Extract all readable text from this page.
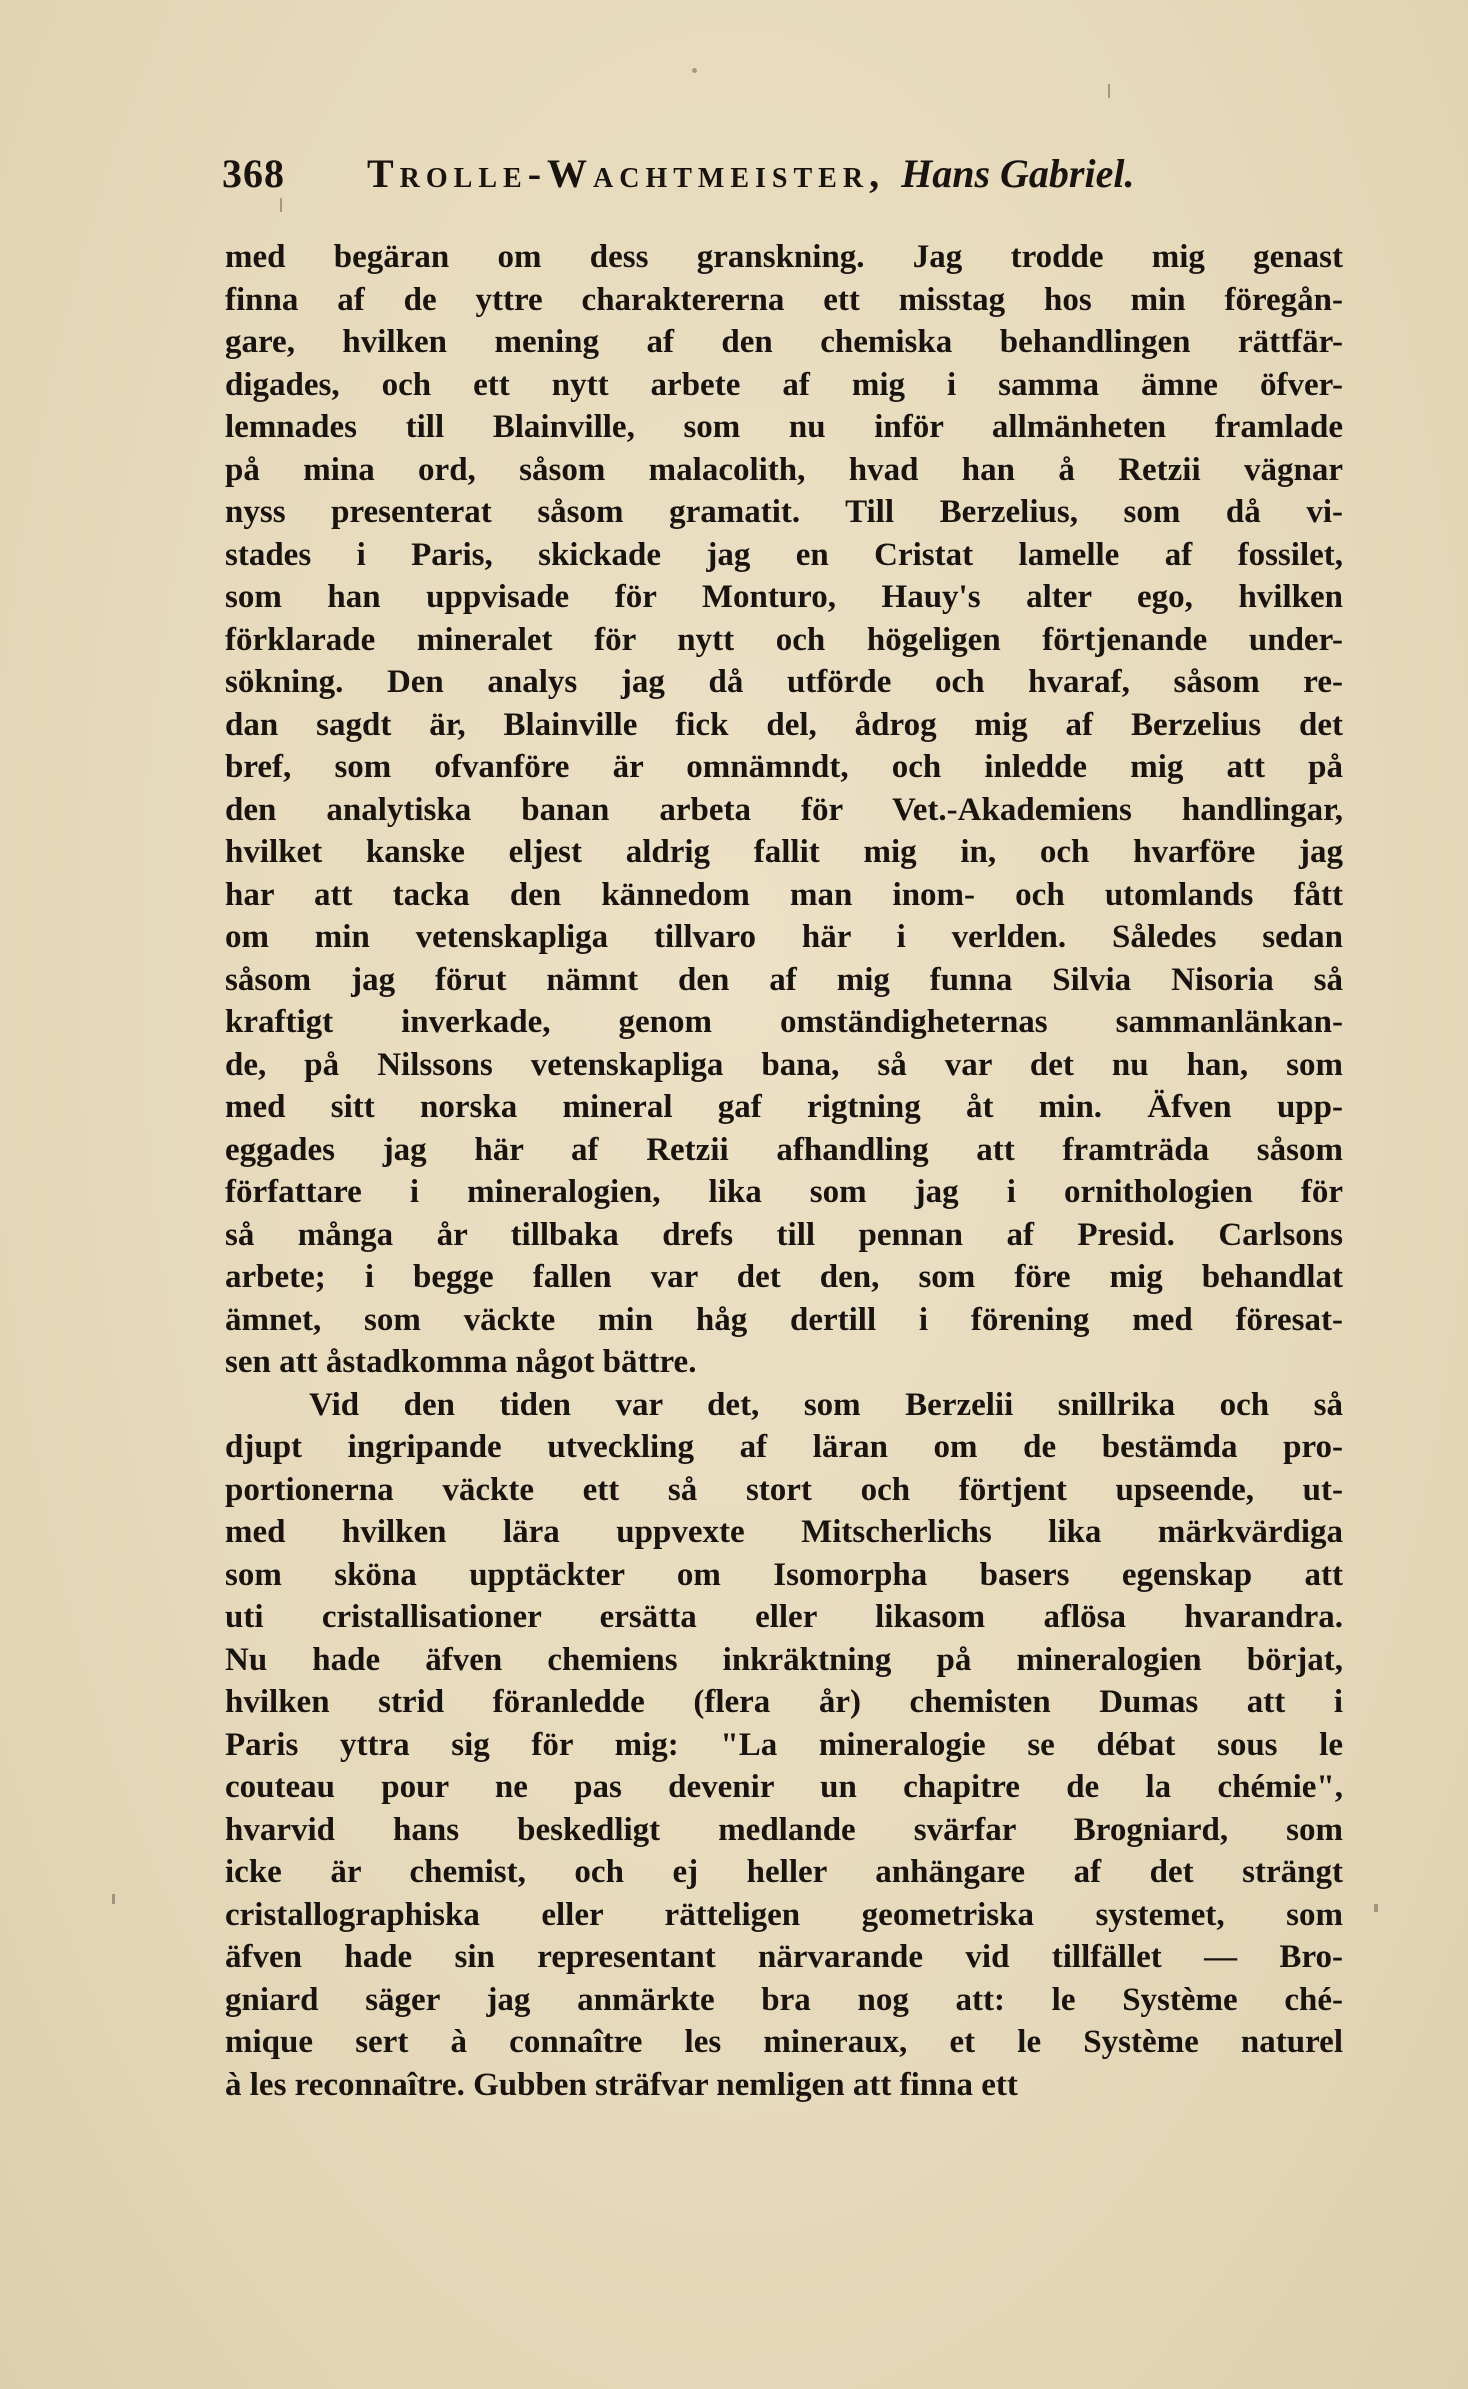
368 Trolle-Wachtmeister, Hans Gabriel.
med begäran om dess granskning. Jag trodde mig genast
finna af de yttre charaktererna ett misstag hos min föregån-
gare, hvilken mening af den chemiska behandlingen rättfär-
digades, och ett nytt arbete af mig i samma ämne öfver-
lemnades till Blainville, som nu inför allmänheten framlade
på mina ord, såsom malacolith, hvad han å Retzii vägnar
nyss presenterat såsom gramatit. Till Berzelius, som då vi-
stades i Paris, skickade jag en Cristat lamelle af fossilet,
som han uppvisade för Monturo, Hauy's alter ego, hvilken
förklarade mineralet för nytt och högeligen förtjenande under-
sökning. Den analys jag då utförde och hvaraf, såsom re-
dan sagdt är, Blainville fick del, ådrog mig af Berzelius det
bref, som ofvanföre är omnämndt, och inledde mig att på
den analytiska banan arbeta för Vet.-Akademiens handlingar,
hvilket kanske eljest aldrig fallit mig in, och hvarföre jag
har att tacka den kännedom man inom- och utomlands fått
om min vetenskapliga tillvaro här i verlden. Således sedan
såsom jag förut nämnt den af mig funna Silvia Nisoria så
kraftigt inverkade, genom omständigheternas sammanlänkan-
de, på Nilssons vetenskapliga bana, så var det nu han, som
med sitt norska mineral gaf rigtning åt min. Äfven upp-
eggades jag här af Retzii afhandling att framträda såsom
författare i mineralogien, lika som jag i ornithologien för
så många år tillbaka drefs till pennan af Presid. Carlsons
arbete; i begge fallen var det den, som före mig behandlat
ämnet, som väckte min håg dertill i förening med föresat-
sen att åstadkomma något bättre.
Vid den tiden var det, som Berzelii snillrika och så
djupt ingripande utveckling af läran om de bestämda pro-
portionerna väckte ett så stort och förtjent upseende, ut-
med hvilken lära uppvexte Mitscherlichs lika märkvärdiga
som sköna upptäckter om Isomorpha basers egenskap att
uti cristallisationer ersätta eller likasom aflösa hvarandra.
Nu hade äfven chemiens inkräktning på mineralogien börjat,
hvilken strid föranledde (flera år) chemisten Dumas att i
Paris yttra sig för mig: "La mineralogie se débat sous le
couteau pour ne pas devenir un chapitre de la chémie",
hvarvid hans beskedligt medlande svärfar Brogniard, som
icke är chemist, och ej heller anhängare af det strängt
cristallographiska eller rätteligen geometriska systemet, som
äfven hade sin representant närvarande vid tillfället — Bro-
gniard säger jag anmärkte bra nog att: le Système ché-
mique sert à connaître les mineraux, et le Système naturel
à les reconnaître. Gubben sträfvar nemligen att finna ett
